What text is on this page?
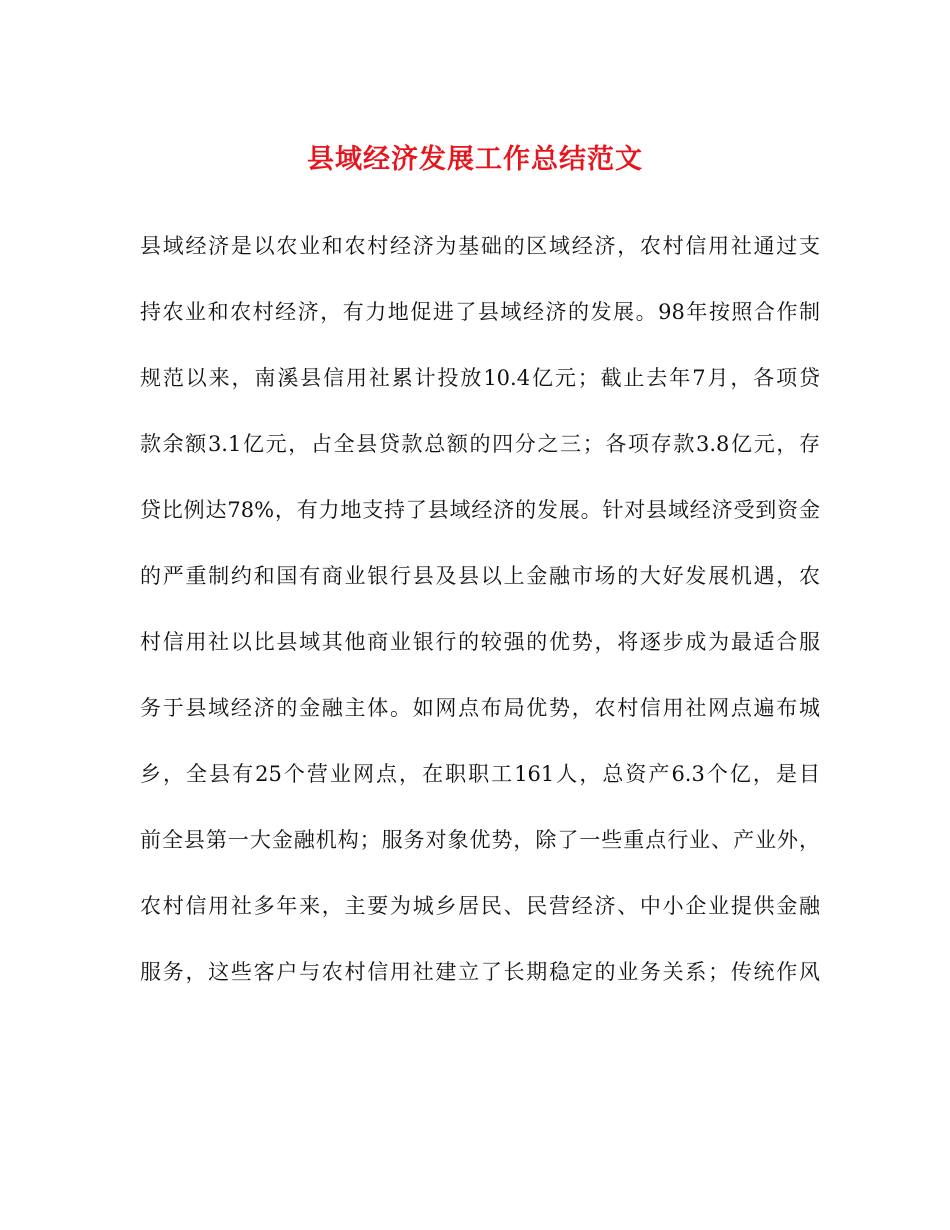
县域经济发展工作总结范文
县域经济是以农业和农村经济为基础的区域经济，农村信用社通过支
持农业和农村经济，有力地促进了县域经济的发展。98年按照合作制
规范以来，南溪县信用社累计投放10.4亿元；截止去年7月，各项贷
款余额3.1亿元，占全县贷款总额的四分之三；各项存款3.8亿元，存
贷比例达78%，有力地支持了县域经济的发展。针对县域经济受到资金
的严重制约和国有商业银行县及县以上金融市场的大好发展机遇，农
村信用社以比县域其他商业银行的较强的优势，将逐步成为最适合服
务于县域经济的金融主体。如网点布局优势，农村信用社网点遍布城
乡，全县有25个营业网点，在职职工161人，总资产6.3个亿，是目
前全县第一大金融机构；服务对象优势，除了一些重点行业、产业外，
农村信用社多年来，主要为城乡居民、民营经济、中小企业提供金融
服务，这些客户与农村信用社建立了长期稳定的业务关系；传统作风
